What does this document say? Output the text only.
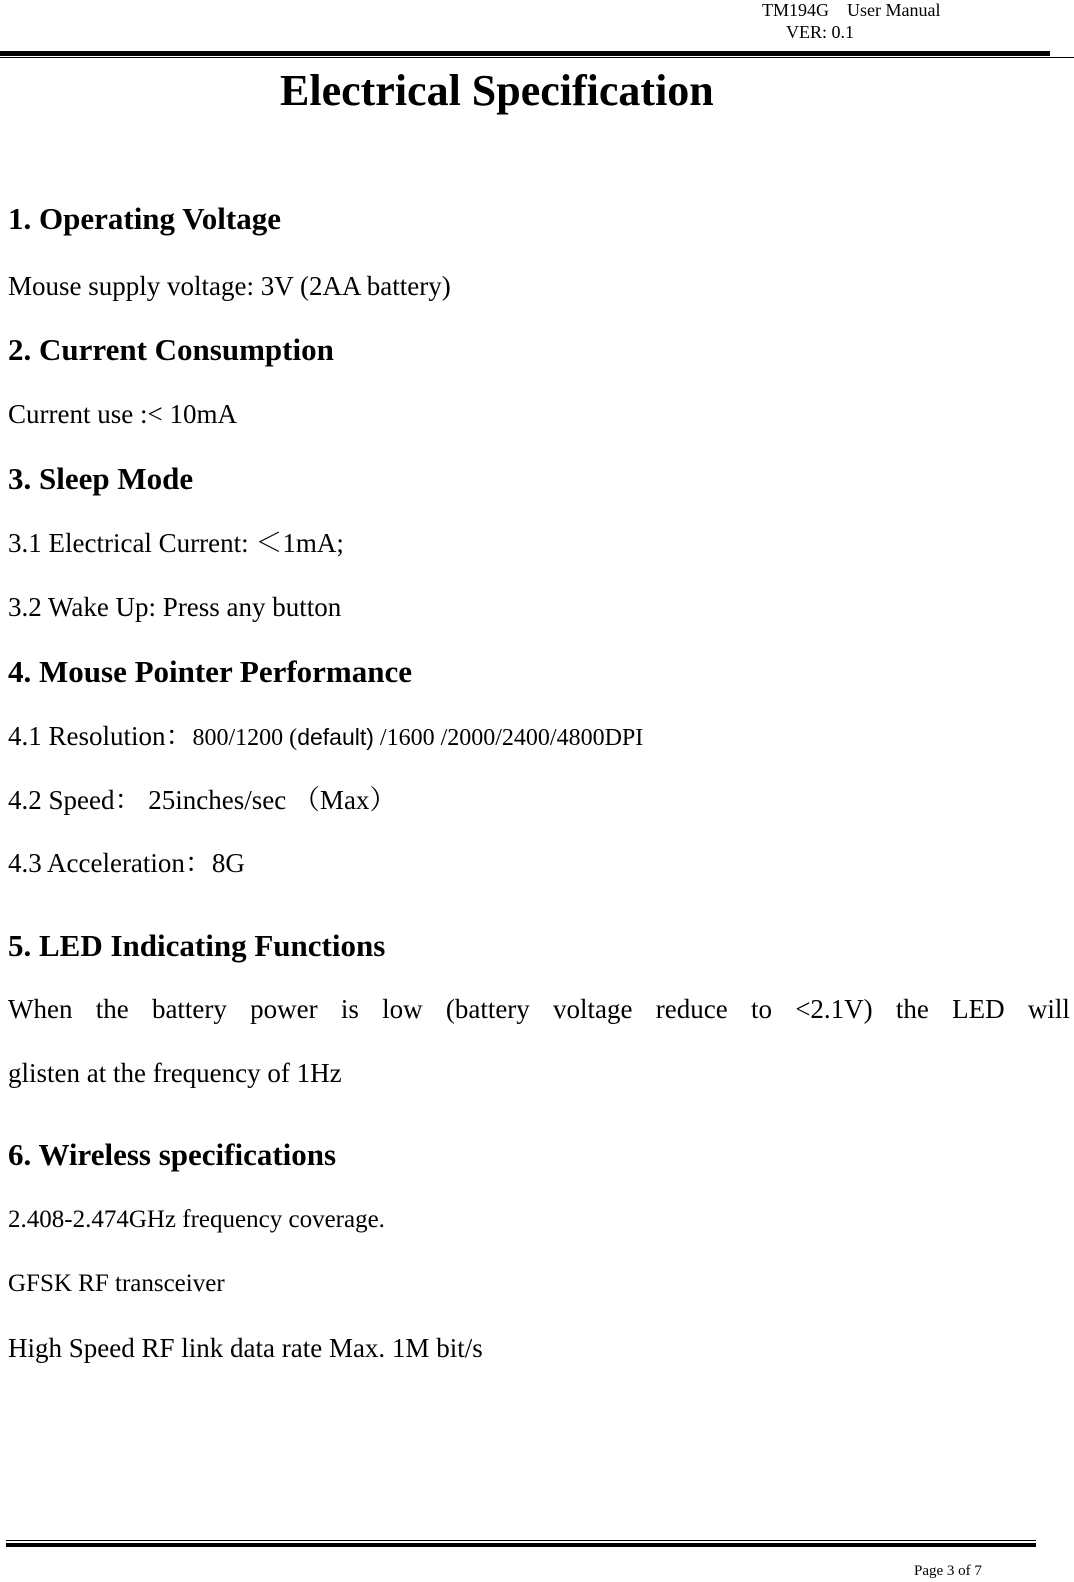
TM194G User Manual
VER: 0.1
Electrical Specification
1. Operating Voltage
Mouse supply voltage: 3V (2AA battery)
2. Current Consumption
Current use :< 10mA
3. Sleep Mode
3.1 Electrical Current: ＜1mA;
3.2 Wake Up: Press any button
4. Mouse Pointer Performance
4.1 Resolution：800/1200 (default) /1600 /2000/2400/4800DPI
4.2 Speed： 25inches/sec （Max）
4.3 Acceleration：8G
5. LED Indicating Functions
When the battery power is low (battery voltage reduce to <2.1V) the LED will
glisten at the frequency of 1Hz
6. Wireless specifications
2.408-2.474GHz frequency coverage.
GFSK RF transceiver
High Speed RF link data rate Max. 1M bit/s
Page 3 of 7
